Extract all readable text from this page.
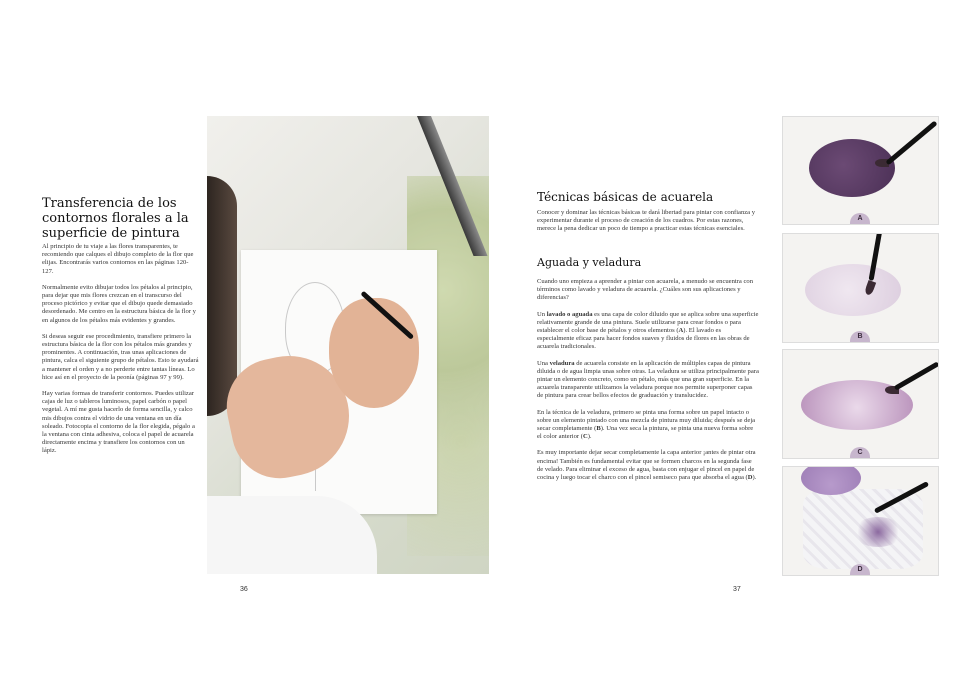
Transferencia de los contornos florales a la superficie de pintura

Al principio de tu viaje a las flores transparentes, te recomiendo que calques el dibujo completo de la flor que elijas. Encontrarás varios contornos en las páginas 120-127.

Normalmente evito dibujar todos los pétalos al principio, para dejar que mis flores crezcan en el transcurso del proceso pictórico y evitar que el dibujo quede demasiado desordenado. Me centro en la estructura básica de la flor y en algunos de los pétalos más evidentes y grandes.

Si deseas seguir ese procedimiento, transfiere primero la estructura básica de la flor con los pétalos más grandes y prominentes. A continuación, tras unas aplicaciones de pintura, calca el siguiente grupo de pétalos. Esto te ayudará a mantener el orden y a no perderte entre tantas líneas. Lo hice así en el proyecto de la peonía (páginas 97 y 99).

Hay varias formas de transferir contornos. Puedes utilizar cajas de luz o tableros luminosos, papel carbón o papel vegetal. A mí me gusta hacerlo de forma sencilla, y calco mis dibujos contra el vidrio de una ventana en un día soleado. Fotocopia el contorno de la flor elegida, pégalo a la ventana con cinta adhesiva, coloca el papel de acuarela directamente encima y transfiere los contornos con un lápiz.

36
Técnicas básicas de acuarela

Conocer y dominar las técnicas básicas te dará libertad para pintar con confianza y experimentar durante el proceso de creación de los cuadros. Por estas razones, merece la pena dedicar un poco de tiempo a practicar estas técnicas esenciales.

Aguada y veladura

Cuando uno empieza a aprender a pintar con acuarela, a menudo se encuentra con términos como lavado y veladura de acuarela. ¿Cuáles son sus aplicaciones y diferencias?

Un lavado o aguada es una capa de color diluido que se aplica sobre una superficie relativamente grande de una pintura. Suele utilizarse para crear fondos o para establecer el color base de pétalos y otros elementos (A). El lavado es especialmente eficaz para hacer fondos suaves y fluidos de flores en las obras de acuarela tradicionales.

Una veladura de acuarela consiste en la aplicación de múltiples capas de pintura diluida o de agua limpia unas sobre otras. La veladura se utiliza principalmente para pintar un elemento concreto, como un pétalo, más que una gran superficie. En la acuarela transparente utilizamos la veladura porque nos permite superponer capas de pintura para crear bellos efectos de graduación y translucidez.

En la técnica de la veladura, primero se pinta una forma sobre un papel intacto o sobre un elemento pintado con una mezcla de pintura muy diluida; después se deja secar completamente (B). Una vez seca la pintura, se pinta una nueva forma sobre el color anterior (C).

Es muy importante dejar secar completamente la capa anterior ¡antes de pintar otra encima! También es fundamental evitar que se formen charcos en la segunda fase de velado. Para eliminar el exceso de agua, basta con enjugar el pincel en papel de cocina y luego tocar el charco con el pincel semiseco para que absorba el agua (D).

A
B
C
D
37
